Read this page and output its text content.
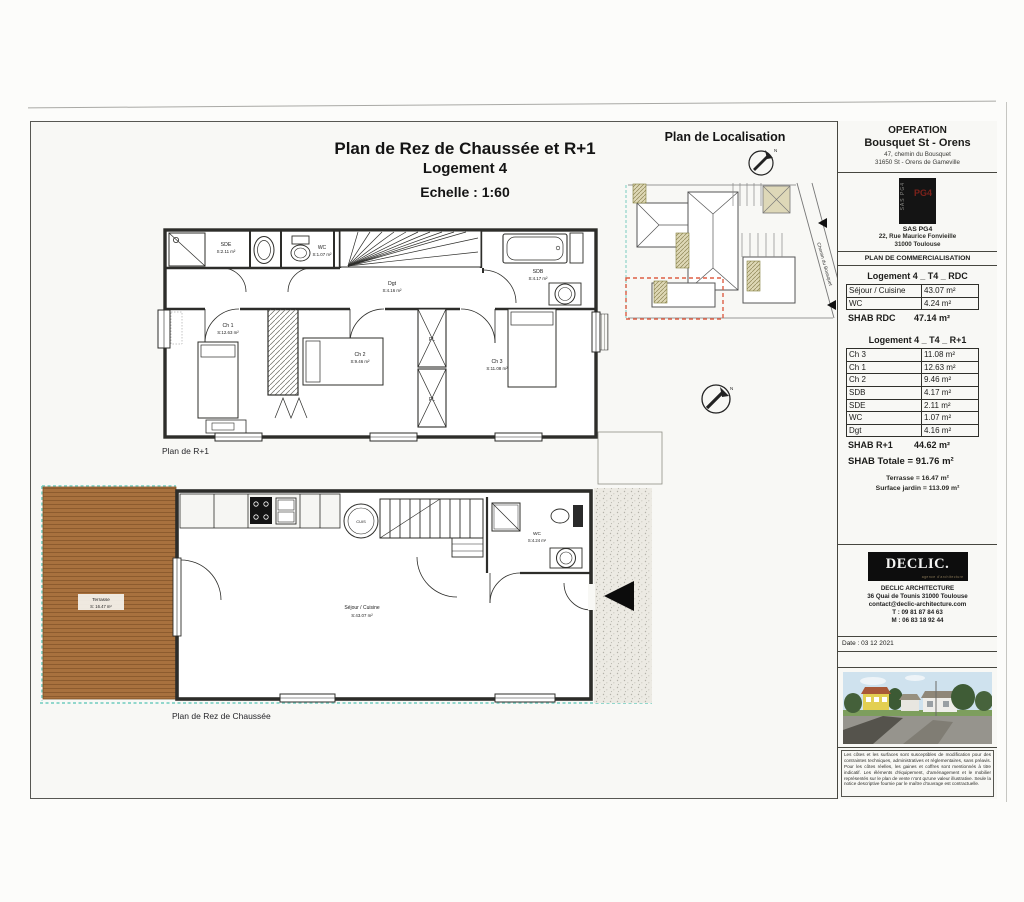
SDE
S:2.11 m²
WC
S:1.07 m²
Dgt
S:4.16 m²
SDB
S:4.17 m²
Ch 1
S:12.63 m²
Ch 2
S:9.46 m²	Ch 3
S:11.08 m²
PL
PL
Terrasse
S: 16.47 m²	Séjour / Cuisine
S:43.07 m²
WC
S:4.24 m²
CUIS
Chemin du Bousquet
N
N
Plan de Rez de Chaussée et R+1
Logement 4
Echelle : 1:60
Plan de Localisation
Plan de R+1
Plan de Rez de Chaussée
OPERATION
Bousquet St - Orens
47, chemin du Bousquet
31650 St - Orens de Gameville
SAS PG4 PG4
SAS PG4
22, Rue Maurice Fonvieille
31000 Toulouse
PLAN DE COMMERCIALISATION
Logement 4 _ T4 _ RDC
Séjour / Cuisine	43.07 m²
WC	4.24 m²
SHAB RDC	47.14 m²
Logement 4 _ T4 _ R+1
Ch 3	11.08 m²
Ch 1	12.63 m²
Ch 2	9.46 m²
SDB	4.17 m²
SDE	2.11 m²
WC	1.07 m²
Dgt	4.16 m²
SHAB R+1	44.62 m²
SHAB Totale = 91.76 m²
Terrasse = 16.47 m²
Surface jardin = 113.09 m²
DECLIC.
agence d'architecture
DECLIC ARCHITECTURE
36 Quai de Tounis 31000 Toulouse
contact@declic-architecture.com
T : 09 81 87 84 63
M : 06 83 18 92 44
Date : 03 12 2021
Les côtes et les surfaces sont susceptibles de modification pour des contraintes techniques, administratives et réglementaires, sans préavis. Pour les côtes réelles, les gaines et coffres sont mentionnés à titre indicatif. Les éléments d'équipement, d'aménagement et le mobilier représentés sur le plan de vente n'ont qu'une valeur illustrative. Seule la notice descriptive fournie par le maître d'ouvrage est contractuelle.
